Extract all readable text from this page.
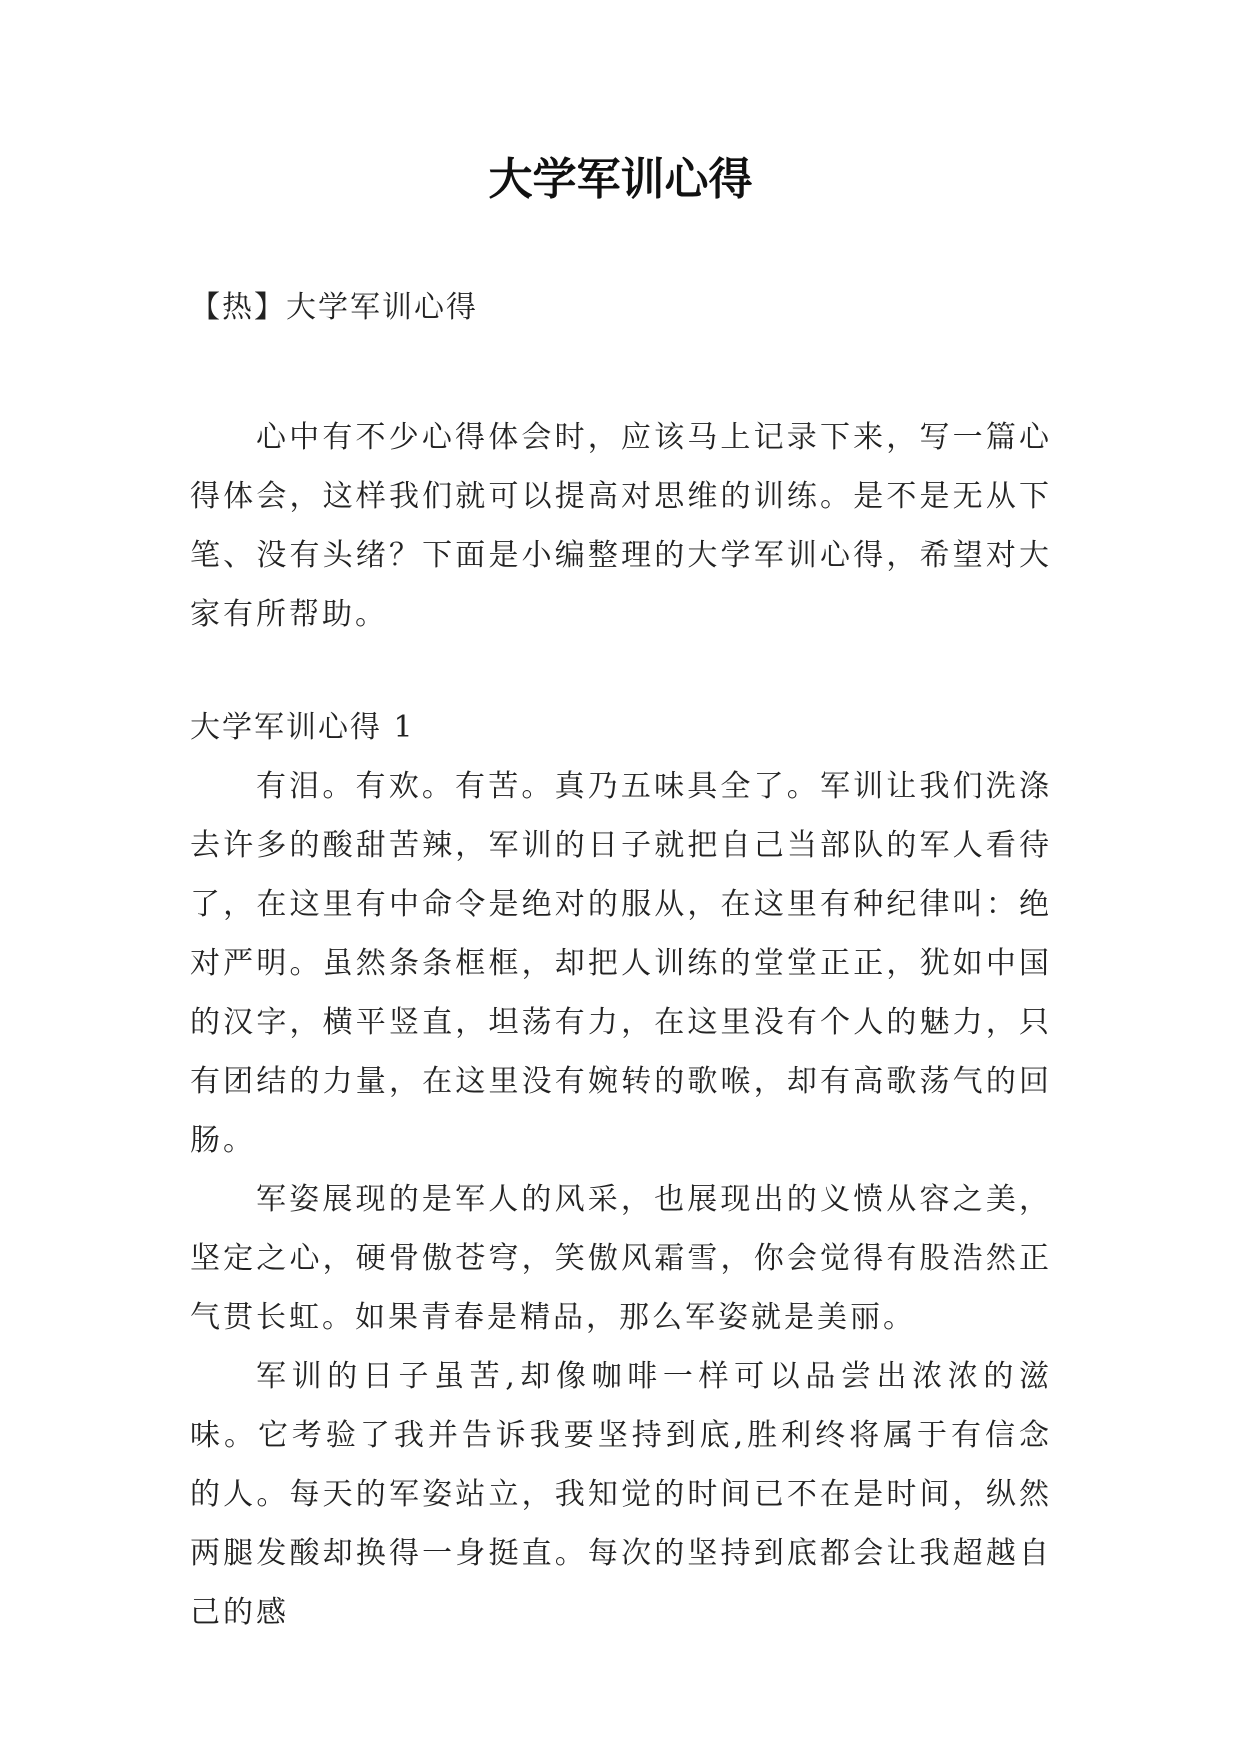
大学军训心得

【热】大学军训心得

心中有不少心得体会时，应该马上记录下来，写一篇心得体会，这样我们就可以提高对思维的训练。是不是无从下笔、没有头绪？下面是小编整理的大学军训心得，希望对大家有所帮助。

大学军训心得 1

有泪。有欢。有苦。真乃五味具全了。军训让我们洗涤去许多的酸甜苦辣，军训的日子就把自己当部队的军人看待了，在这里有中命令是绝对的服从，在这里有种纪律叫：绝对严明。虽然条条框框，却把人训练的堂堂正正，犹如中国的汉字，横平竖直，坦荡有力，在这里没有个人的魅力，只有团结的力量，在这里没有婉转的歌喉，却有高歌荡气的回肠。

军姿展现的是军人的风采，也展现出的义愤从容之美，坚定之心，硬骨傲苍穹，笑傲风霜雪，你会觉得有股浩然正气贯长虹。如果青春是精品，那么军姿就是美丽。

军训的日子虽苦,却像咖啡一样可以品尝出浓浓的滋味。它考验了我并告诉我要坚持到底,胜利终将属于有信念的人。每天的军姿站立，我知觉的时间已不在是时间，纵然两腿发酸却换得一身挺直。每次的坚持到底都会让我超越自己的感
